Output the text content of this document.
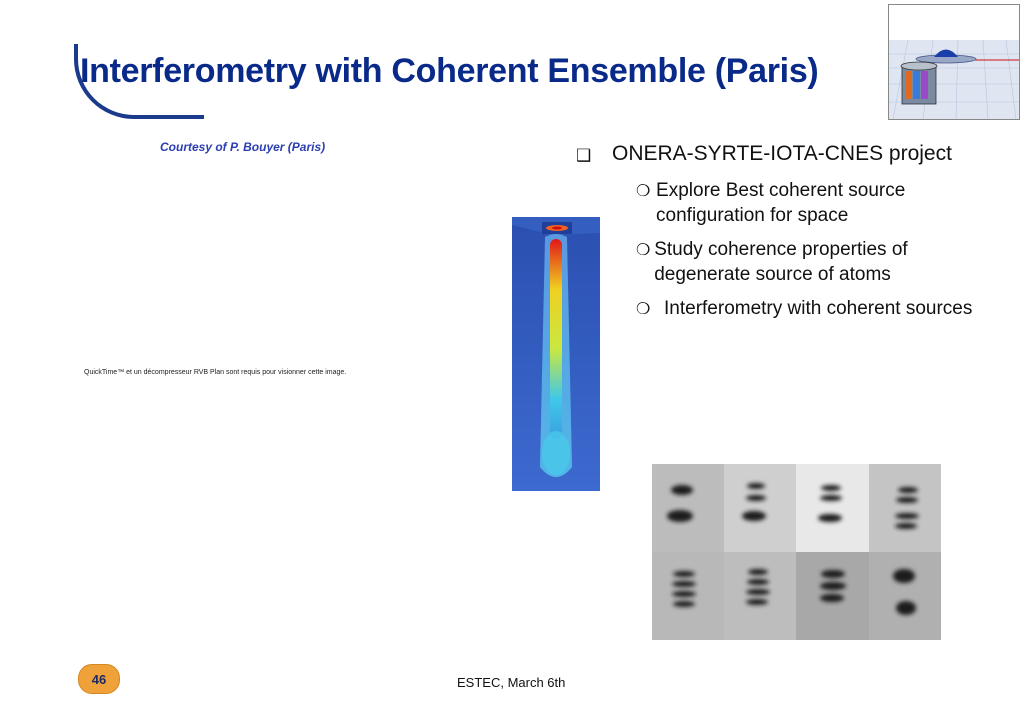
Interferometry with Coherent Ensemble (Paris)
Courtesy of P. Bouyer (Paris)
QuickTime™ et un décompresseur RVB Plan sont requis pour visionner cette image.
❑ ONERA-SYRTE-IOTA-CNES project
❍ Explore Best coherent source configuration for space
❍ Study coherence properties of degenerate source of atoms
❍ Interferometry with coherent sources
46	ESTEC, March 6th
